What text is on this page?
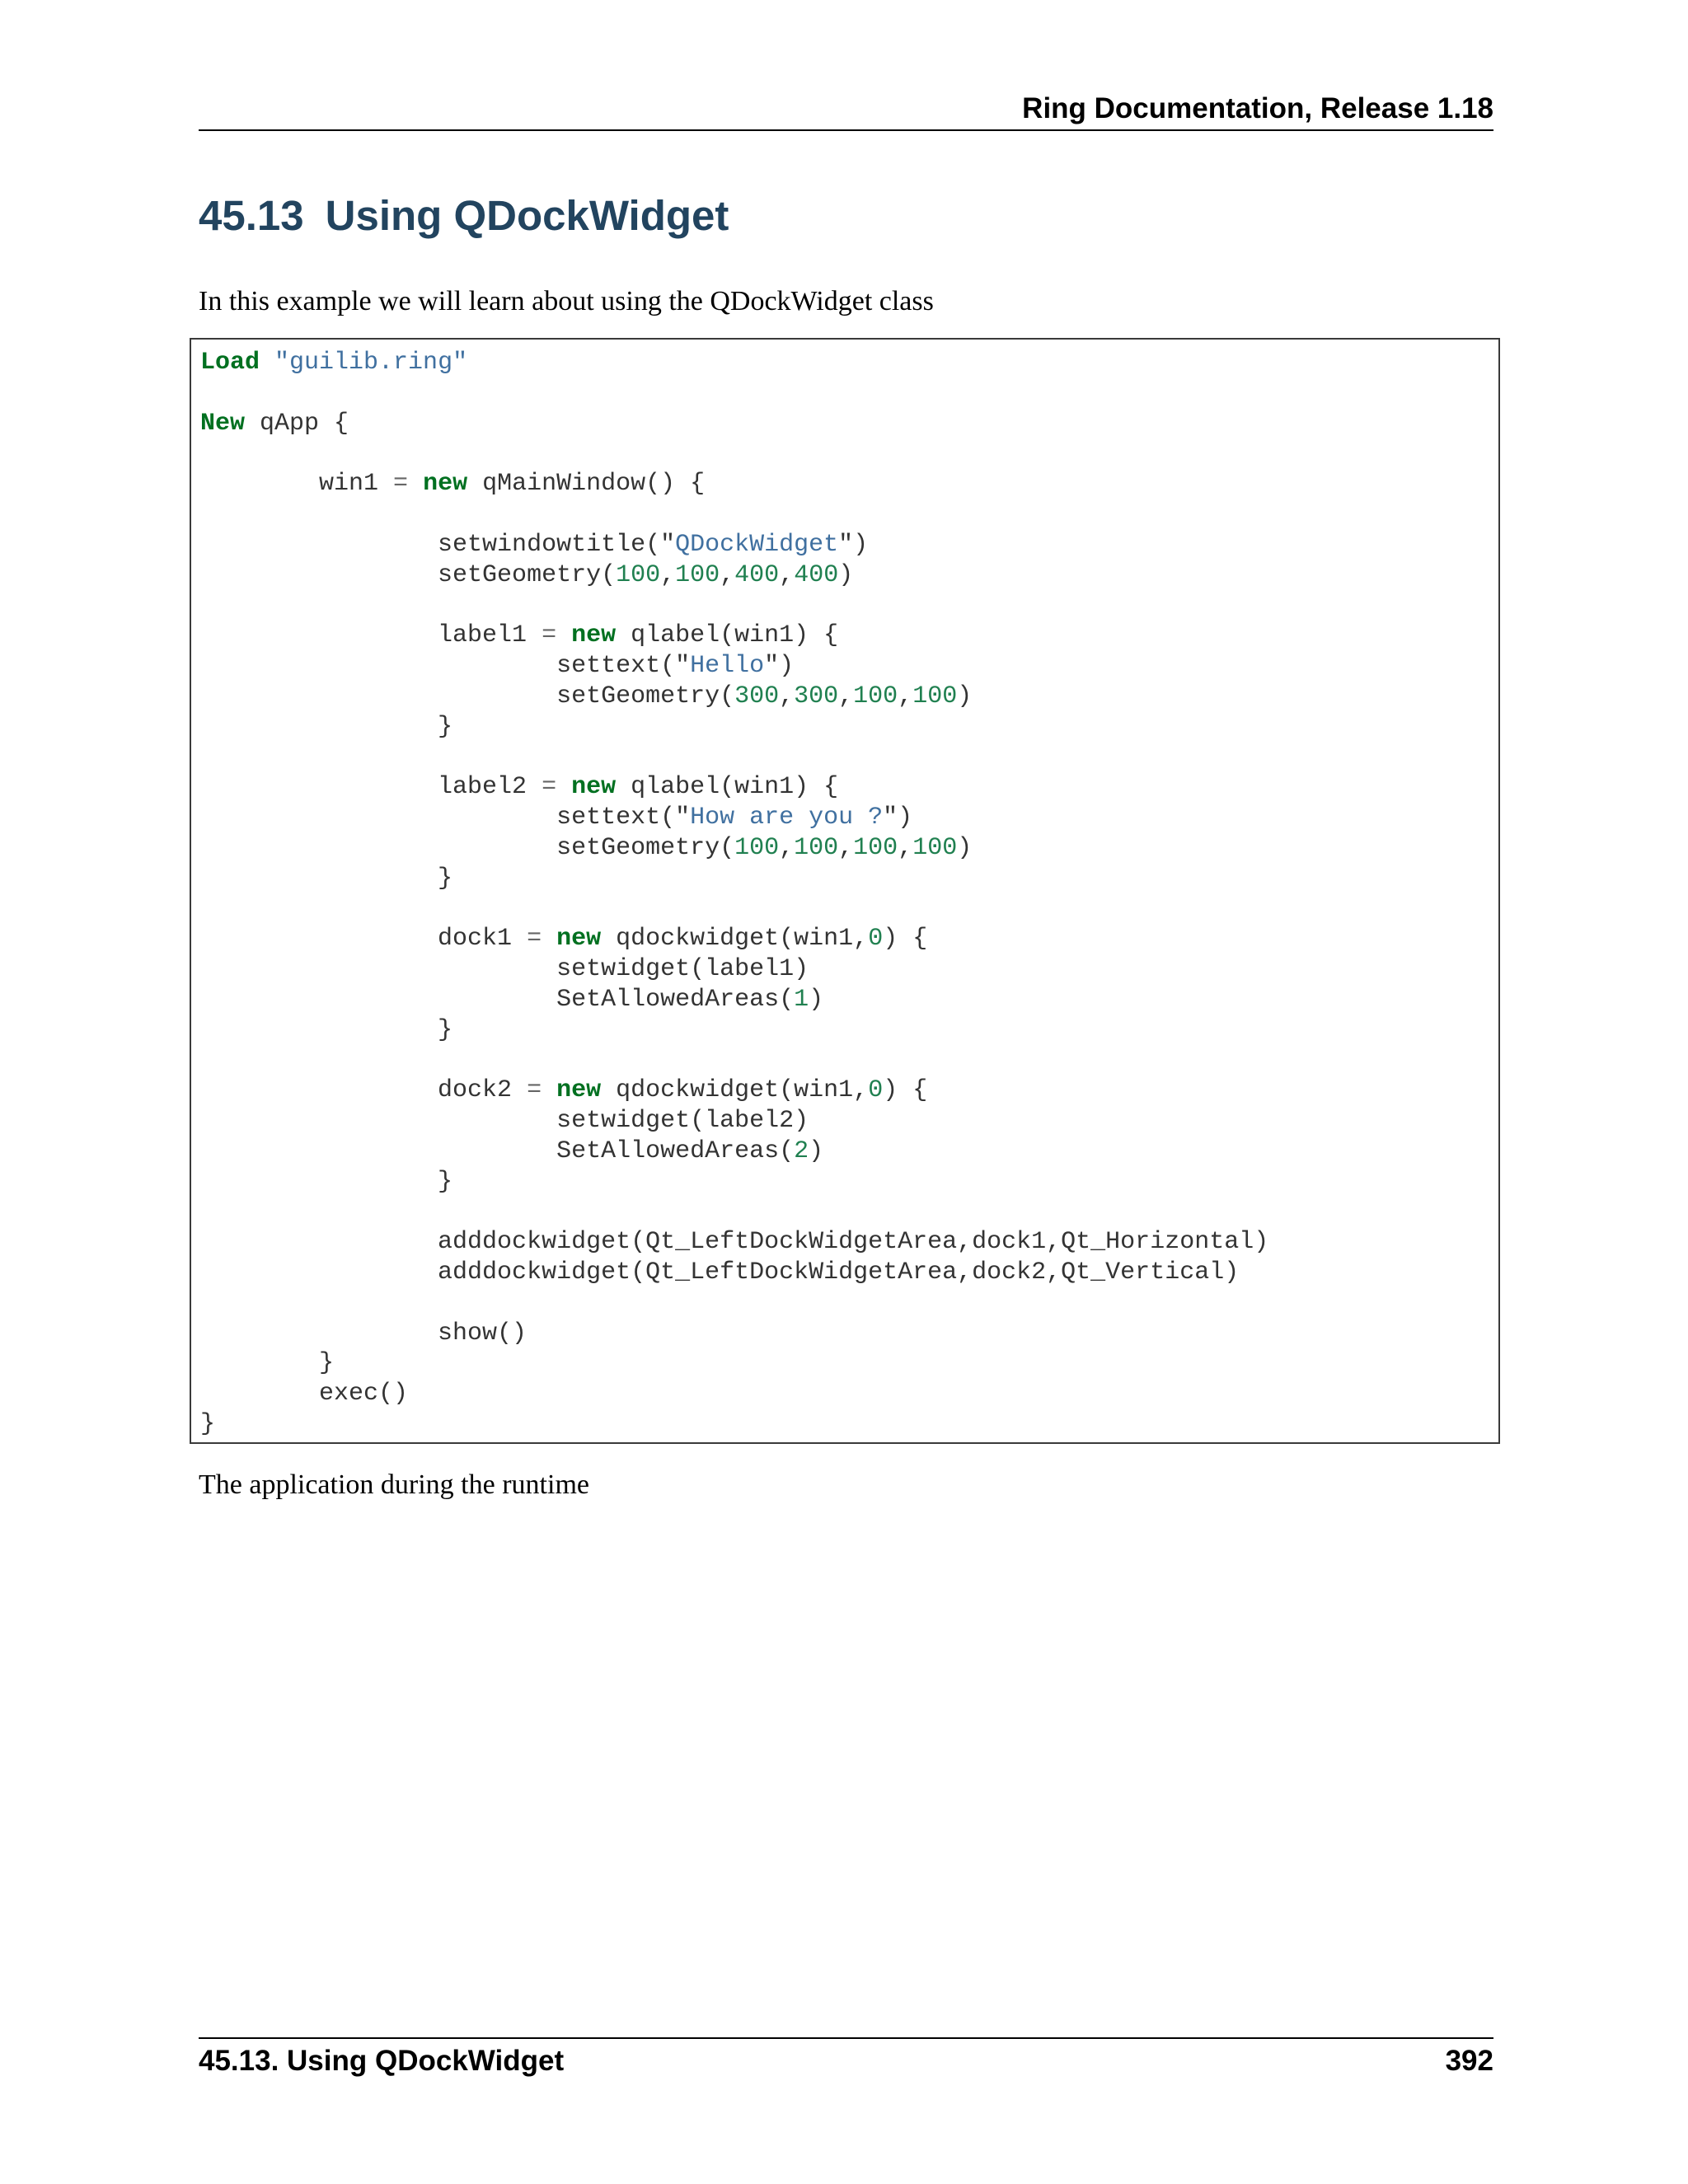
Ring Documentation, Release 1.18
45.13 Using QDockWidget
In this example we will learn about using the QDockWidget class
Load "guilib.ring"

New qApp {

win1 = new qMainWindow() {

setwindowtitle("QDockWidget")
setGeometry(100,100,400,400)

label1 = new qlabel(win1) {
settext("Hello")
setGeometry(300,300,100,100)
}

label2 = new qlabel(win1) {
settext("How are you ?")
setGeometry(100,100,100,100)
}

dock1 = new qdockwidget(win1,0) {
setwidget(label1)
SetAllowedAreas(1)
}

dock2 = new qdockwidget(win1,0) {
setwidget(label2)
SetAllowedAreas(2)
}

adddockwidget(Qt_LeftDockWidgetArea,dock1,Qt_Horizontal)
adddockwidget(Qt_LeftDockWidgetArea,dock2,Qt_Vertical)

show()
}
exec()
}
The application during the runtime
45.13. Using QDockWidget	392
